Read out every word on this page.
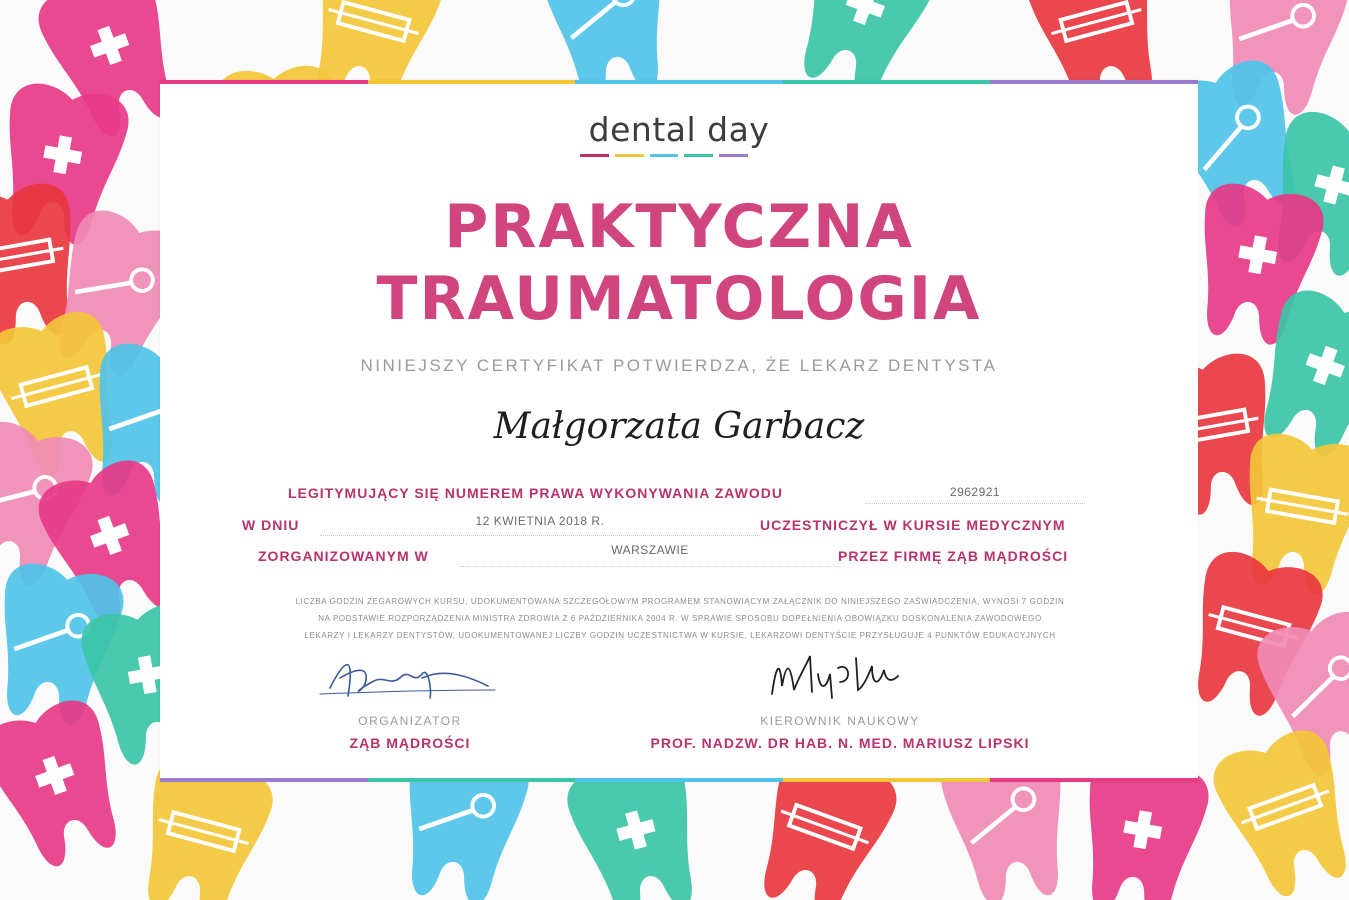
dental day
PRAKTYCZNA
TRAUMATOLOGIA
NINIEJSZY CERTYFIKAT POTWIERDZA, ŻE LEKARZ DENTYSTA
Małgorzata Garbacz
LEGITYMUJĄCY SIĘ NUMEREM PRAWA WYKONYWANIA ZAWODU	2962921
W DNIU	12 KWIETNIA 2018 R.	UCZESTNICZYŁ W KURSIE MEDYCZNYM
ZORGANIZOWANYM W	WARSZAWIE	PRZEZ FIRMĘ ZĄB MĄDROŚCI
LICZBA GODZIN ZEGAROWYCH KURSU, UDOKUMENTOWANA SZCZEGÓŁOWYM PROGRAMEM STANOWIĄCYM ZAŁĄCZNIK DO NINIEJSZEGO ZAŚWIADCZENIA, WYNOSI 7 GODZIN
NA PODSTAWIE ROZPORZĄDZENIA MINISTRA ZDROWIA Z 6 PAŹDZIERNIKA 2004 R. W SPRAWIE SPOSOBU DOPEŁNIENIA OBOWIĄZKU DOSKONALENIA ZAWODOWEGO
LEKARZY I LEKARZY DENTYSTÓW, UDOKUMENTOWANEJ LICZBY GODZIN UCZESTNICTWA W KURSIE, LEKARZOWI DENTYŚCIE PRZYSŁUGUJE 4 PUNKTÓW EDUKACYJNYCH
ORGANIZATOR
ZĄB MĄDROŚCI
KIEROWNIK NAUKOWY
PROF. NADZW. DR HAB. N. MED. MARIUSZ LIPSKI
